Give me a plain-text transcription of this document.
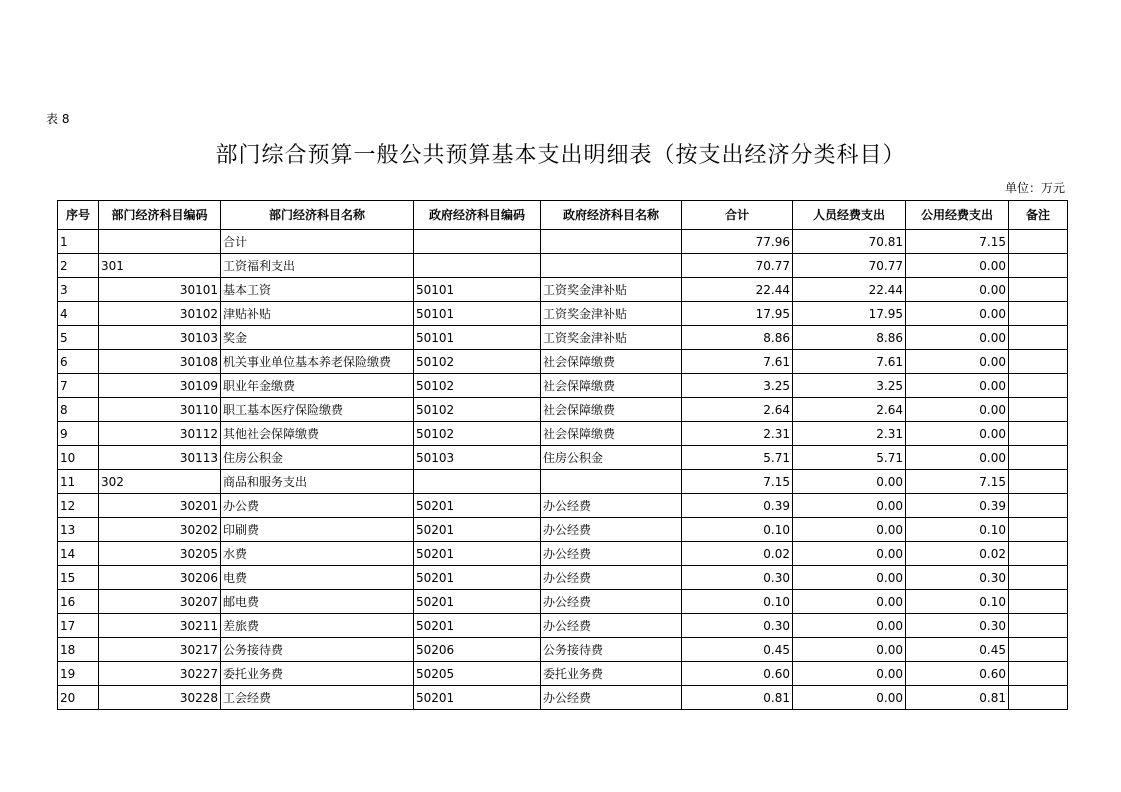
表 8
部门综合预算一般公共预算基本支出明细表（按支出经济分类科目）
单位：万元
序号	部门经济科目编码	部门经济科目名称	政府经济科目编码	政府经济科目名称	合计	人员经费支出	公用经费支出	备注
1		合计			77.96	70.81	7.15	
2	301	工资福利支出			70.77	70.77	0.00	
3	30101	基本工资	50101	工资奖金津补贴	22.44	22.44	0.00	
4	30102	津贴补贴	50101	工资奖金津补贴	17.95	17.95	0.00	
5	30103	奖金	50101	工资奖金津补贴	8.86	8.86	0.00	
6	30108	机关事业单位基本养老保险缴费	50102	社会保障缴费	7.61	7.61	0.00	
7	30109	职业年金缴费	50102	社会保障缴费	3.25	3.25	0.00	
8	30110	职工基本医疗保险缴费	50102	社会保障缴费	2.64	2.64	0.00	
9	30112	其他社会保障缴费	50102	社会保障缴费	2.31	2.31	0.00	
10	30113	住房公积金	50103	住房公积金	5.71	5.71	0.00	
11	302	商品和服务支出			7.15	0.00	7.15	
12	30201	办公费	50201	办公经费	0.39	0.00	0.39	
13	30202	印刷费	50201	办公经费	0.10	0.00	0.10	
14	30205	水费	50201	办公经费	0.02	0.00	0.02	
15	30206	电费	50201	办公经费	0.30	0.00	0.30	
16	30207	邮电费	50201	办公经费	0.10	0.00	0.10	
17	30211	差旅费	50201	办公经费	0.30	0.00	0.30	
18	30217	公务接待费	50206	公务接待费	0.45	0.00	0.45	
19	30227	委托业务费	50205	委托业务费	0.60	0.00	0.60	
20	30228	工会经费	50201	办公经费	0.81	0.00	0.81	
